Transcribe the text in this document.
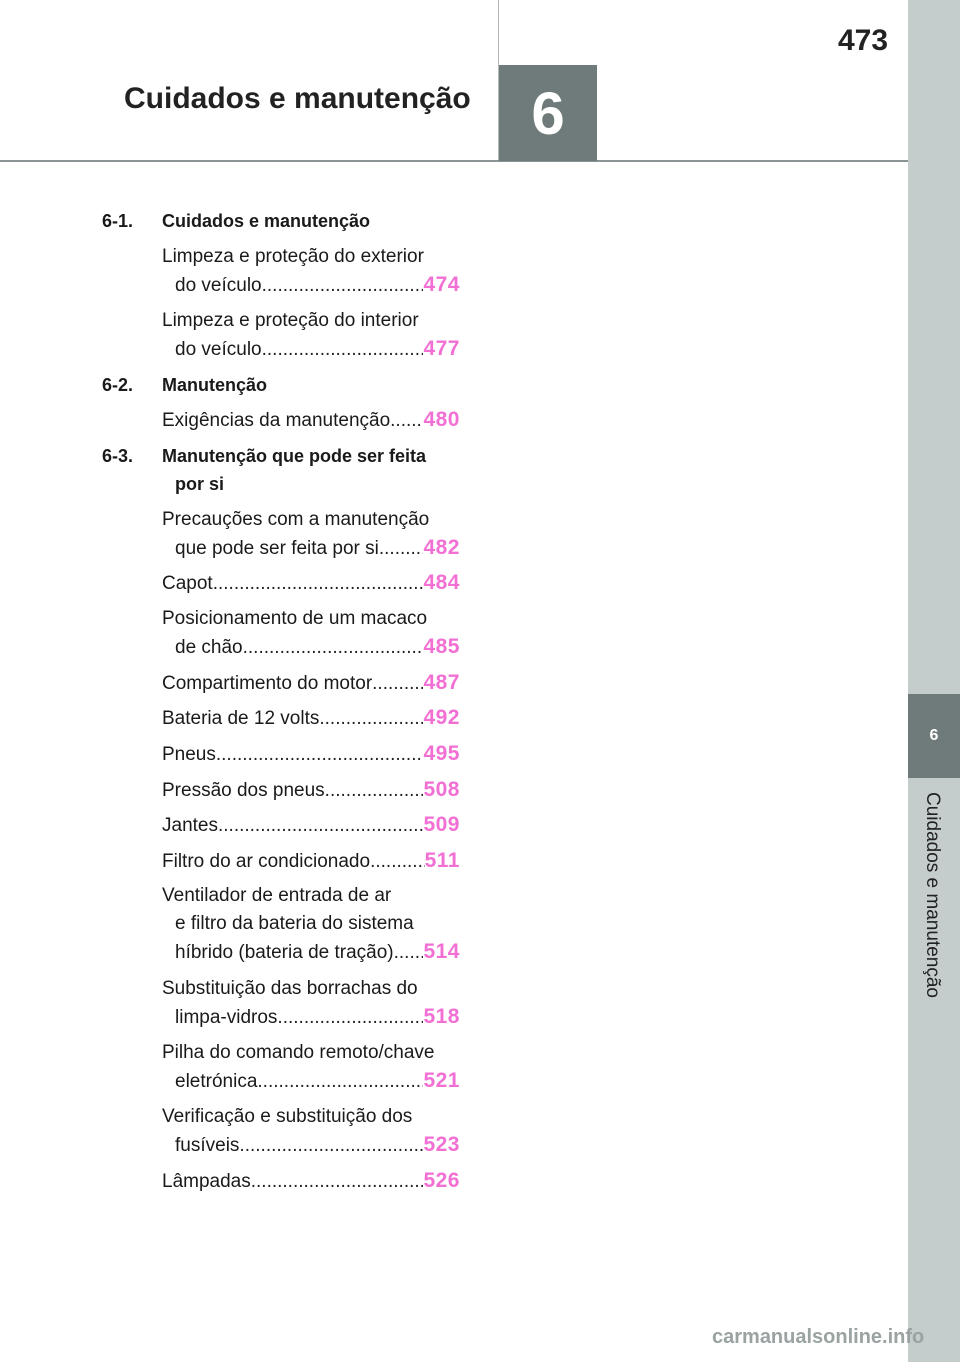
Cuidados e manutenção 6
473
6
Cuidados e manutenção
6-1.	Cuidados e manutenção
Limpeza e proteção do exterior
do veículo .....	474
Limpeza e proteção do interior
do veículo .....	477
6-2.	Manutenção
Exigências da manutenção ..... 480
6-3.	Manutenção que pode ser feita
por si
Precauções com a manutenção
que pode ser feita por si ..... 482
Capot .....	484
Posicionamento de um macaco
de chão .....	485
Compartimento do motor ..... 487
Bateria de 12 volts .....	492
Pneus .....	495
Pressão dos pneus .....	508
Jantes .....	509
Filtro do ar condicionado .....	511
Ventilador de entrada de ar
e filtro da bateria do sistema
híbrido (bateria de tração) ..... 514
Substituição das borrachas do
limpa-vidros .....	518
Pilha do comando remoto/chave
eletrónica .....	521
Verificação e substituição dos
fusíveis .....	523
Lâmpadas .....	526
carmanualsonline.info
